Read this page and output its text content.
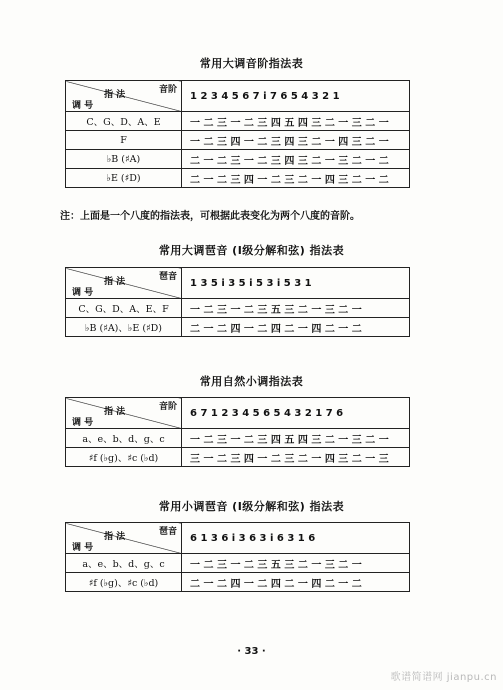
常用大调音阶指法表
音阶
指 法
调 号	1 2 3 4 5 6 7 i 7 6 5 4 3 2 1
C、G、D、A、E	一 二 三 一 二 三 四 五 四 三 二 一 三 二 一
F	一 二 三 四 一 二 三 四 三 二 一 四 三 二 一
♭B (♯A)	二 一 二 三 一 二 三 四 三 二 一 三 二 一 二
♭E (♯D)	二 一 二 三 四 一 二 三 二 一 四 三 二 一 二
注：上面是一个八度的指法表，可根据此表变化为两个八度的音阶。
常用大调琶音 (Ⅰ级分解和弦) 指法表
琶音
指 法
调 号	1 3 5 i 3 5 i 5 3 i 5 3 1
C、G、D、A、E、F	一 二 三 一 二 三 五 三 二 一 三 二 一
♭B (♯A)、♭E (♯D)	二 一 二 四 一 二 四 二 一 四 二 一 二
常用自然小调指法表
音阶
指 法
调 号	6 7 1 2 3 4 5 6 5 4 3 2 1 7 6
a、e、b、d、g、c	一 二 三 一 二 三 四 五 四 三 二 一 三 二 一
♯f (♭g)、♯c (♭d)	三 一 二 三 四 一 二 三 二 一 四 三 二 一 三
常用小调琶音 (Ⅰ级分解和弦) 指法表
琶音
指 法
调 号	6 1 3 6 i 3 6 3 i 6 3 1 6
a、e、b、d、g、c	一 二 三 一 二 三 五 三 二 一 三 二 一
♯f (♭g)、♯c (♭d)	二 一 二 四 一 二 四 二 一 四 二 一 二
· 33 ·
歌谱简谱网 jianpu.cn
